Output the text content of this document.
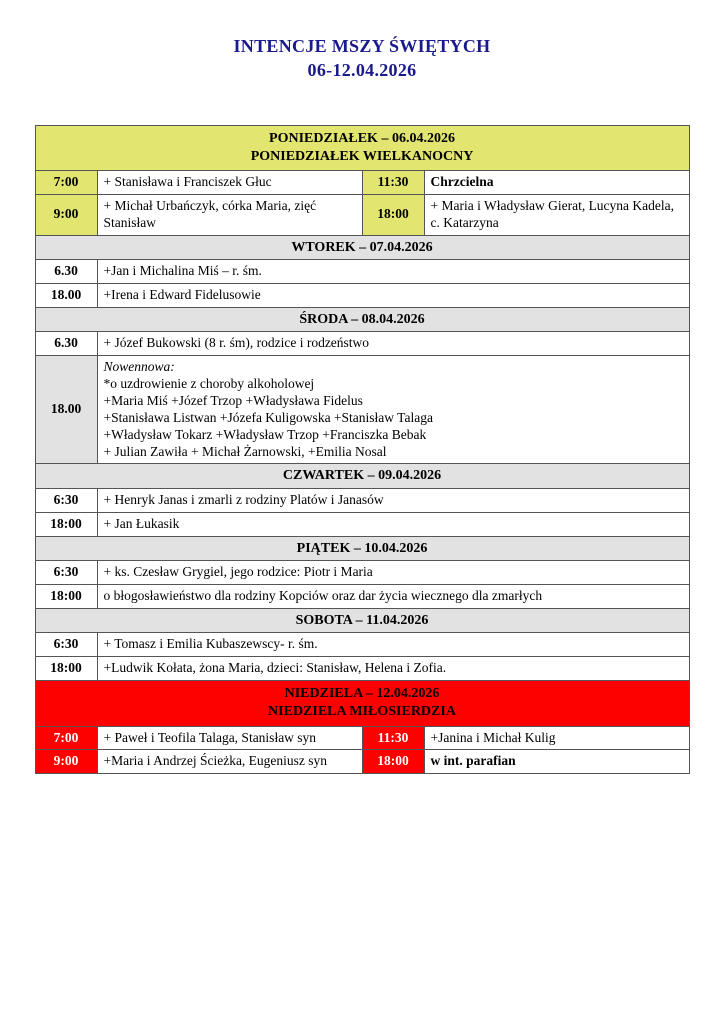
INTENCJE MSZY ŚWIĘTYCH
06-12.04.2026
PONIEDZIAŁEK – 06.04.2026
PONIEDZIAŁEK WIELKANOCNY			

7:00	+ Stanisława i Franciszek Głuc	11:30	Chrzcielna
9:00	+ Michał Urbańczyk, córka Maria, zięć Stanisław	18:00	+ Maria i Władysław Gierat, Lucyna Kadela, c. Katarzyna
WTOREK – 07.04.2026			
6.30	+Jan i Michalina Miś – r. śm.		
18.00	+Irena i Edward Fidelusowie		
ŚRODA – 08.04.2026			
6.30	+ Józef Bukowski (8 r. śm), rodzice i rodzeństwo		
18.00	
Nowennowa:
*o uzdrowienie z choroby alkoholowej
+Maria Miś +Józef Trzop +Władysława Fidelus
+Stanisława Listwan +Józefa Kuligowska +Stanisław Talaga
+Władysław Tokarz +Władysław Trzop +Franciszka Bebak
+ Julian Zawiła + Michał Żarnowski, +Emilia Nosal

CZWARTEK – 09.04.2026			
6:30	+ Henryk Janas i zmarli z rodziny Platów i Janasów		
18:00	+ Jan Łukasik		
PIĄTEK – 10.04.2026			
6:30	+ ks. Czesław Grygiel, jego rodzice: Piotr i Maria		
18:00	o błogosławieństwo dla rodziny Kopciów oraz dar życia wiecznego dla zmarłych		
SOBOTA – 11.04.2026			
6:30	+ Tomasz i Emilia Kubaszewscy- r. śm.		
18:00	+Ludwik Kołata, żona Maria, dzieci: Stanisław, Helena i Zofia.		

NIEDZIELA – 12.04.2026
NIEDZIELA MIŁOSIERDZIA			

7:00	+ Paweł i Teofila Talaga, Stanisław syn	11:30	+Janina i Michał Kulig
9:00	+Maria i Andrzej Ścieżka, Eugeniusz syn	18:00	w int. parafian
